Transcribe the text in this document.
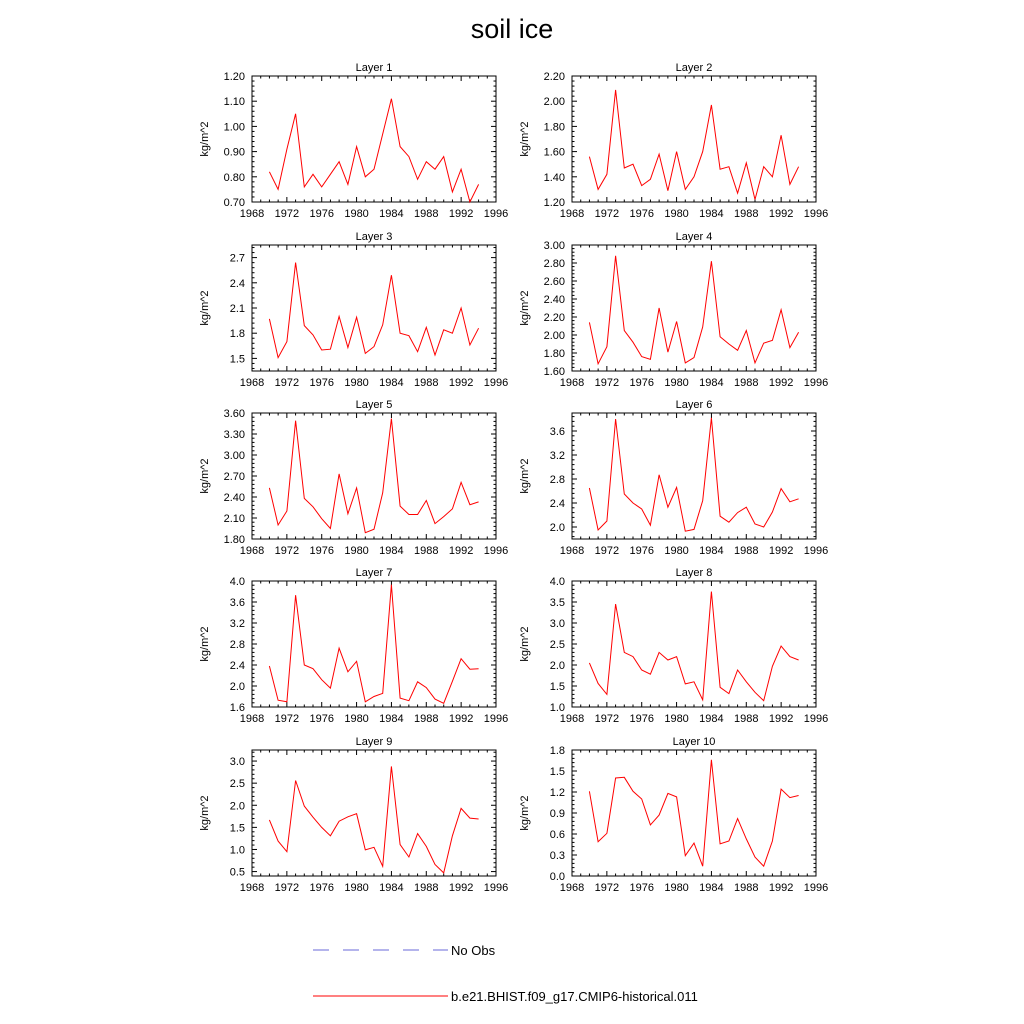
soil ice
Layer 1
1968 1972 1976 1980 1984 1988 1992 1996
0.70
0.80
0.90
1.00
1.10
1.20
kg/m^2
Layer 2
1968 1972 1976 1980 1984 1988 1992 1996
1.20
1.40
1.60
1.80
2.00
2.20
kg/m^2
Layer 3
1968 1972 1976 1980 1984 1988 1992 1996
1.5
1.8
2.1
2.4
2.7
kg/m^2
Layer 4
1968 1972 1976 1980 1984 1988 1992 1996
1.60
1.80
2.00
2.20
2.40
2.60
2.80
3.00
kg/m^2
Layer 5
1968 1972 1976 1980 1984 1988 1992 1996
1.80
2.10
2.40
2.70
3.00
3.30
3.60
kg/m^2
Layer 6
1968 1972 1976 1980 1984 1988 1992 1996
2.0
2.4
2.8
3.2
3.6
kg/m^2
Layer 7
1968 1972 1976 1980 1984 1988 1992 1996
1.6
2.0
2.4
2.8
3.2
3.6
4.0
kg/m^2
Layer 8
1968 1972 1976 1980 1984 1988 1992 1996
1.0
1.5
2.0
2.5
3.0
3.5
4.0
kg/m^2
Layer 9
1968 1972 1976 1980 1984 1988 1992 1996
0.5
1.0
1.5
2.0
2.5
3.0
kg/m^2
Layer 10
1968 1972 1976 1980 1984 1988 1992 1996
0.0
0.3
0.6
0.9
1.2
1.5
1.8
kg/m^2
No Obs
b.e21.BHIST.f09_g17.CMIP6-historical.011
